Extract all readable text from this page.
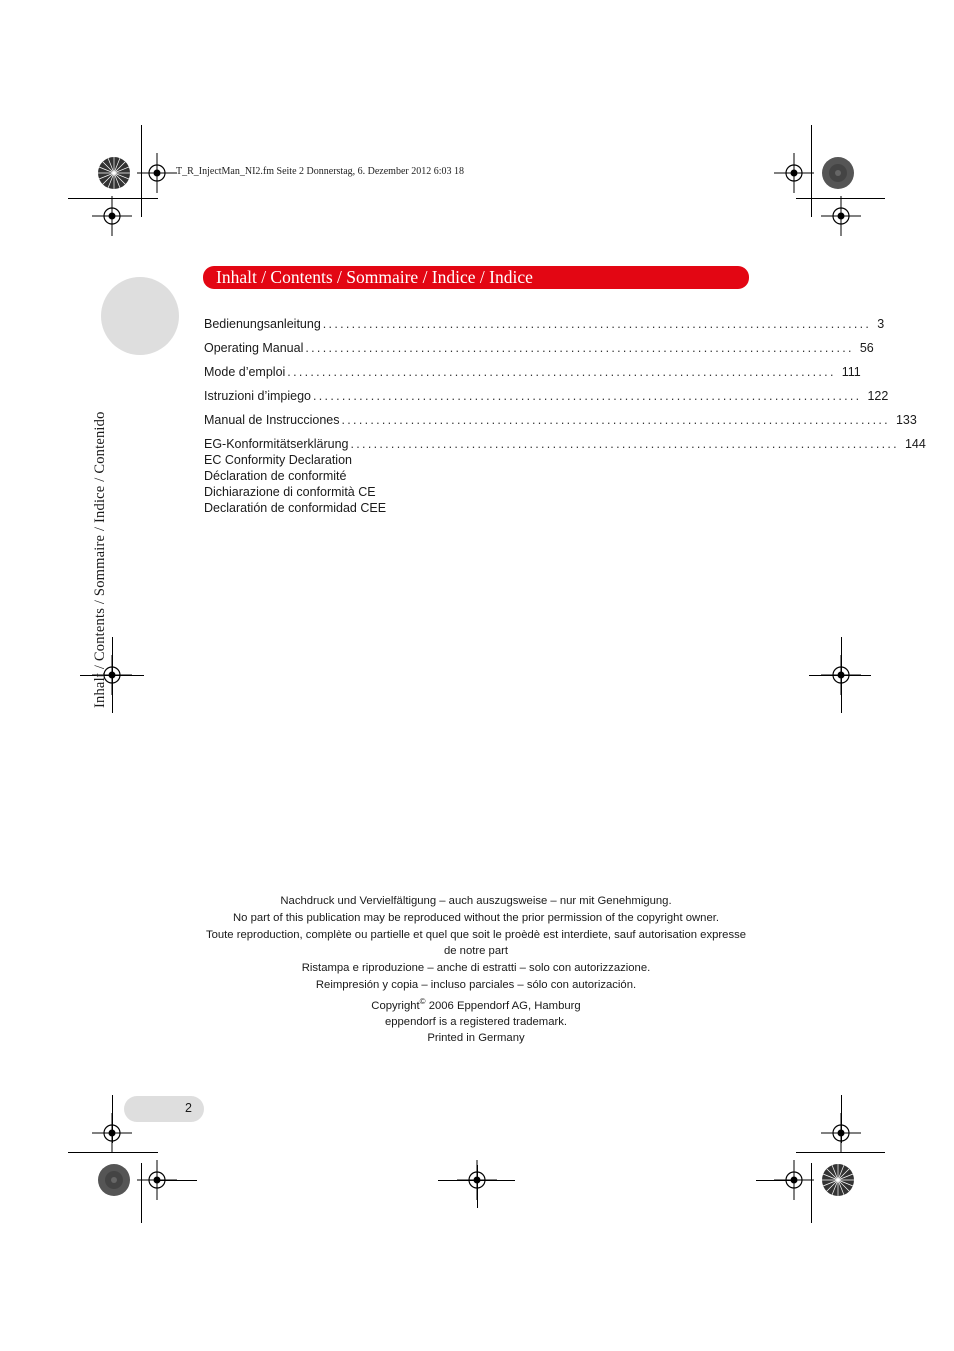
T_R_InjectMan_NI2.fm Seite 2 Donnerstag, 6. Dezember 2012 6:03 18
Inhalt / Contents / Sommaire / Indice / Contenido
Inhalt / Contents / Sommaire / Indice / Indice
Bedienungsanleitung ............................................................................................... 3
Operating Manual ............................................................................................... 56
Mode d’emploi ............................................................................................... 111
Istruzioni d’impiego ............................................................................................... 122
Manual de Instrucciones ............................................................................................... 133
EG-Konformitätserklärung ............................................................................................... 144
EC Conformity Declaration
Déclaration de conformité
Dichiarazione di conformità CE
Declaratión de conformidad CEE
Nachdruck und Vervielfältigung – auch auszugsweise – nur mit Genehmigung.
No part of this publication may be reproduced without the prior permission of the copyright owner.
Toute reproduction, complète ou partielle et quel que soit le proèdè est interdiete, sauf autorisation expresse de notre part
Ristampa e riproduzione – anche di estratti – solo con autorizzazione.
Reimpresión y copia – incluso parciales – sólo con autorización.
Copyright© 2006 Eppendorf AG, Hamburg
eppendorf is a registered trademark.
Printed in Germany
2
